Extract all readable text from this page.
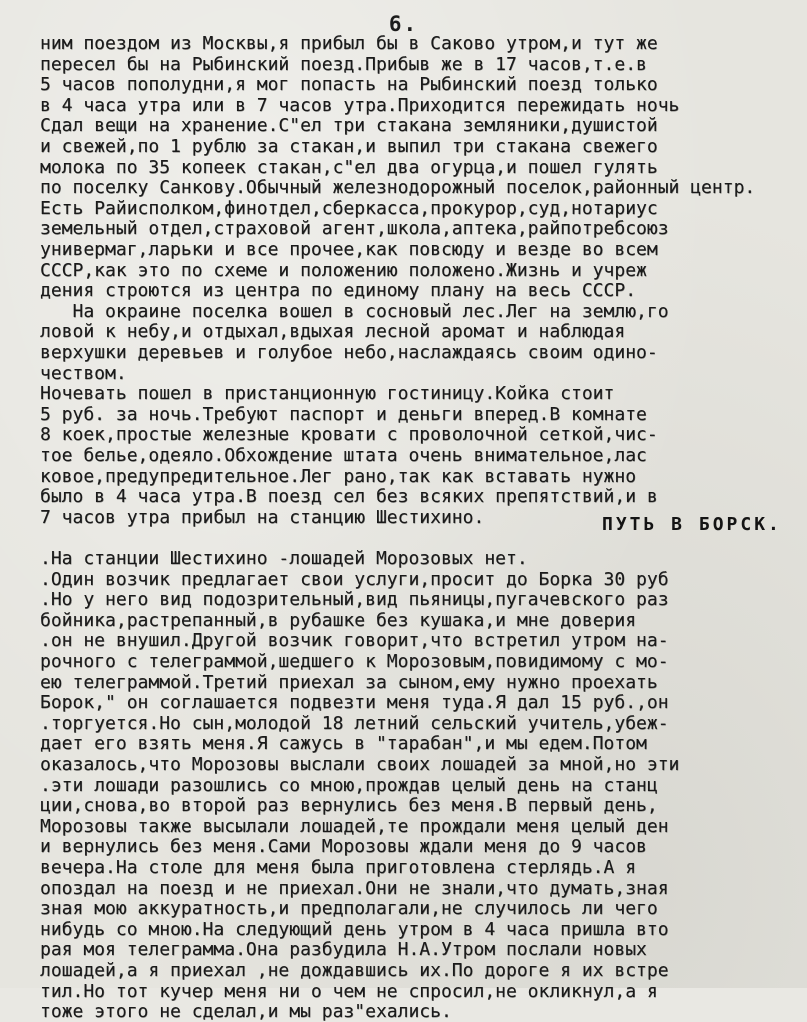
6.
ПУТЬ В БОРСК.
ним поездом из Москвы,я прибыл бы в Саково утром,и тут же
пересел бы на Рыбинский поезд.Прибыв же в 17 часов,т.е.в
5 часов пополудни,я мог попасть на Рыбинский поезд только
в 4 часа утра или в 7 часов утра.Приходится пережидать ночь
Сдал вещи на хранение.С"ел три стакана земляники,душистой
и свежей,по 1 рублю за стакан,и выпил три стакана свежего
молока по 35 копеек стакан,с"ел два огурца,и пошел гулять
по поселку Санкову.Обычный железнодорожный поселок,районный центр.
Есть Райисполком,финотдел,сберкасса,прокурор,суд,нотариус
земельный отдел,страховой агент,школа,аптека,райпотребсоюз
универмаг,ларьки и все прочее,как повсюду и везде во всем
СССР,как это по схеме и положению положено.Жизнь и учреж
дения строются из центра по единому плану на весь СССР.
На окраине поселка вошел в сосновый лес.Лег на землю,го
ловой к небу,и отдыхал,вдыхая лесной аромат и наблюдая
верхушки деревьев и голубое небо,наслаждаясь своим одино-
чеством.
Ночевать пошел в пристанционную гостиницу.Койка стоит
5 руб. за ночь.Требуют паспорт и деньги вперед.В комнате
8 коек,простые железные кровати с проволочной сеткой,чис-
тое белье,одеяло.Обхождение штата очень внимательное,лас
ковое,предупредительное.Лег рано,так как вставать нужно
было в 4 часа утра.В поезд сел без всяких препятствий,и в
7 часов утра прибыл на станцию Шестихино.
.На станции Шестихино -лошадей Морозовых нет.
.Один возчик предлагает свои услуги,просит до Борка 30 руб
.Но у него вид подозрительный,вид пьяницы,пугачевского раз
бойника,растрепанный,в рубашке без кушака,и мне доверия
.он не внушил.Другой возчик говорит,что встретил утром на-
рочного с телеграммой,шедшего к Морозовым,повидимому с мо-
ею телеграммой.Третий приехал за сыном,ему нужно проехать
Борок," он соглашается подвезти меня туда.Я дал 15 руб.,он
.торгуется.Но сын,молодой 18 летний сельский учитель,убеж-
дает его взять меня.Я сажусь в "тарабан",и мы едем.Потом
оказалось,что Морозовы выслали своих лошадей за мной,но эти
.эти лошади разошлись со мною,прождав целый день на станц
ции,снова,во второй раз вернулись без меня.В первый день,
Морозовы также высылали лошадей,те прождали меня целый ден
и вернулись без меня.Сами Морозовы ждали меня до 9 часов
вечера.На столе для меня была приготовлена стерлядь.А я
опоздал на поезд и не приехал.Они не знали,что думать,зная
зная мою аккуратность,и предполагали,не случилось ли чего
нибудь со мною.На следующий день утром в 4 часа пришла вто
рая моя телеграмма.Она разбудила Н.А.Утром послали новых
лошадей,а я приехал ,не дождавшись их.По дороге я их встре
тил.Но тот кучер меня ни о чем не спросил,не окликнул,а я
тоже этого не сделал,и мы раз"ехались.
